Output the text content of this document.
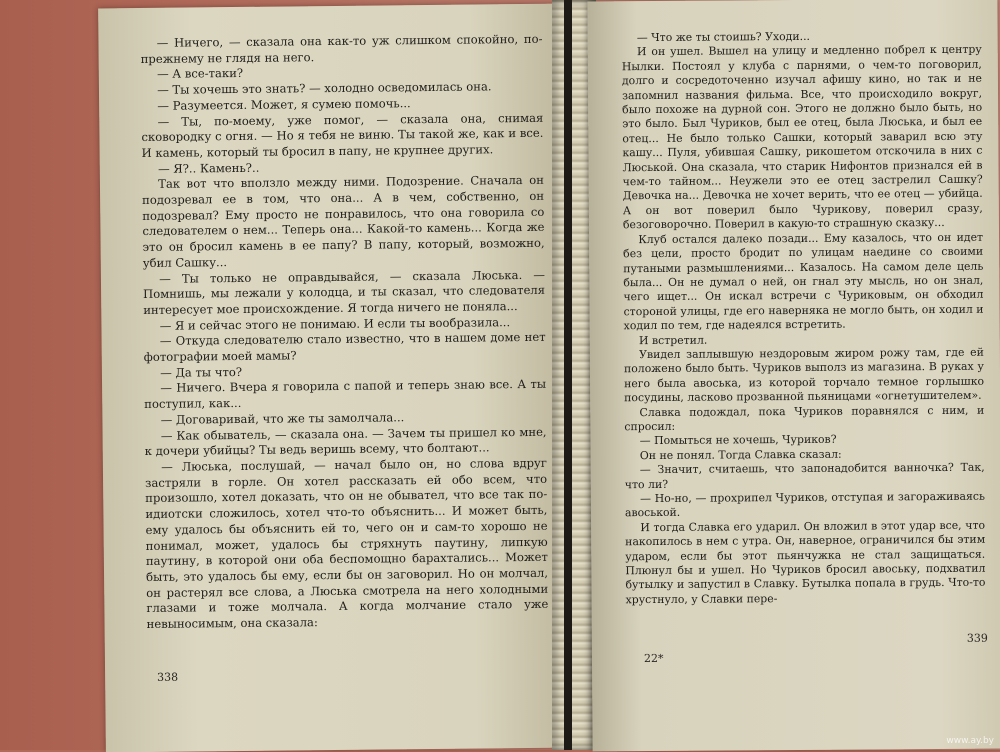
— Ничего, — сказала она как-то уж слишком спокойно, по-прежнему не глядя на него.

— А все-таки?

— Ты хочешь это знать? — холодно осведомилась она.

— Разумеется. Может, я сумею помочь...

— Ты, по-моему, уже помог, — сказала она, снимая сковородку с огня. — Но я тебя не виню. Ты такой же, как и все. И камень, который ты бросил в папу, не крупнее других.

— Я?.. Камень?..

Так вот что вползло между ними. Подозрение. Сначала он подозревал ее в том, что она... А в чем, собственно, он подозревал? Ему просто не понравилось, что она говорила со следователем о нем... Теперь она... Какой-то камень... Когда же это он бросил камень в ее папу? В папу, который, возможно, убил Сашку...

— Ты только не оправдывайся, — сказала Люська. — Помнишь, мы лежали у колодца, и ты сказал, что следователя интересует мое происхождение. Я тогда ничего не поняла...

— Я и сейчас этого не понимаю. И если ты вообразила...

— Откуда следователю стало известно, что в нашем доме нет фотографии моей мамы?

— Да ты что?

— Ничего. Вчера я говорила с папой и теперь знаю все. А ты поступил, как...

— Договаривай, что же ты замолчала...

— Как обыватель, — сказала она. — Зачем ты пришел ко мне, к дочери убийцы? Ты ведь веришь всему, что болтают...

— Люська, послушай, — начал было он, но слова вдруг застряли в горле. Он хотел рассказать ей обо всем, что произошло, хотел доказать, что он не обывател, что все так по-идиотски сложилось, хотел что-то объяснить... И может быть, ему удалось бы объяснить ей то, чего он и сам-то хорошо не понимал, может, удалось бы стряхнуть паутину, липкую паутину, в которой они оба беспомощно барахтались... Может быть, это удалось бы ему, если бы он заговорил. Но он молчал, он растерял все слова, а Люська смотрела на него холодными глазами и тоже молчала. А когда молчание стало уже невыносимым, она сказала:

338

— Что же ты стоишь? Уходи...

И он ушел. Вышел на улицу и медленно побрел к центру Нылки. Постоял у клуба с парнями, о чем-то поговорил, долго и сосредоточенно изучал афишу кино, но так и не запомнил названия фильма. Все, что происходило вокруг, было похоже на дурной сон. Этого не должно было быть, но это было. Был Чуриков, был ее отец, была Люська, и был ее отец... Не было только Сашки, который заварил всю эту кашу... Пуля, убившая Сашку, рикошетом отскочила в них с Люськой. Она сказала, что старик Нифонтов признался ей в чем-то тайном... Неужели это ее отец застрелил Сашку? Девочка на... Девочка не хочет верить, что ее отец — убийца. А он вот поверил было Чурикову, поверил сразу, безоговорочно. Поверил в какую-то страшную сказку...

Клуб остался далеко позади... Ему казалось, что он идет без цели, просто бродит по улицам наедине со своими путаными размышлениями... Казалось. На самом деле цель была... Он не думал о ней, он гнал эту мысль, но он знал, чего ищет... Он искал встречи с Чуриковым, он обходил стороной улицы, где его наверняка не могло быть, он ходил и ходил по тем, где надеялся встретить.

И встретил.

Увидел заплывшую нездоровым жиром рожу там, где ей положено было быть. Чуриков выполз из магазина. В руках у него была авоська, из которой торчало темное горлышко посудины, ласково прозванной пьяницами «огнетушителем».

Славка подождал, пока Чуриков поравнялся с ним, и спросил:

— Помыться не хочешь, Чуриков?

Он не понял. Тогда Славка сказал:

— Значит, считаешь, что запонадобится ванночка? Так, что ли?

— Но-но, — прохрипел Чуриков, отступая и загораживаясь авоськой.

И тогда Славка его ударил. Он вложил в этот удар все, что накопилось в нем с утра. Он, наверное, ограничился бы этим ударом, если бы этот пьянчужка не стал защищаться. Плюнул бы и ушел. Но Чуриков бросил авоську, подхватил бутылку и запустил в Славку. Бутылка попала в грудь. Что-то хрустнуло, у Славки пере-

22*
339
www.ay.by
